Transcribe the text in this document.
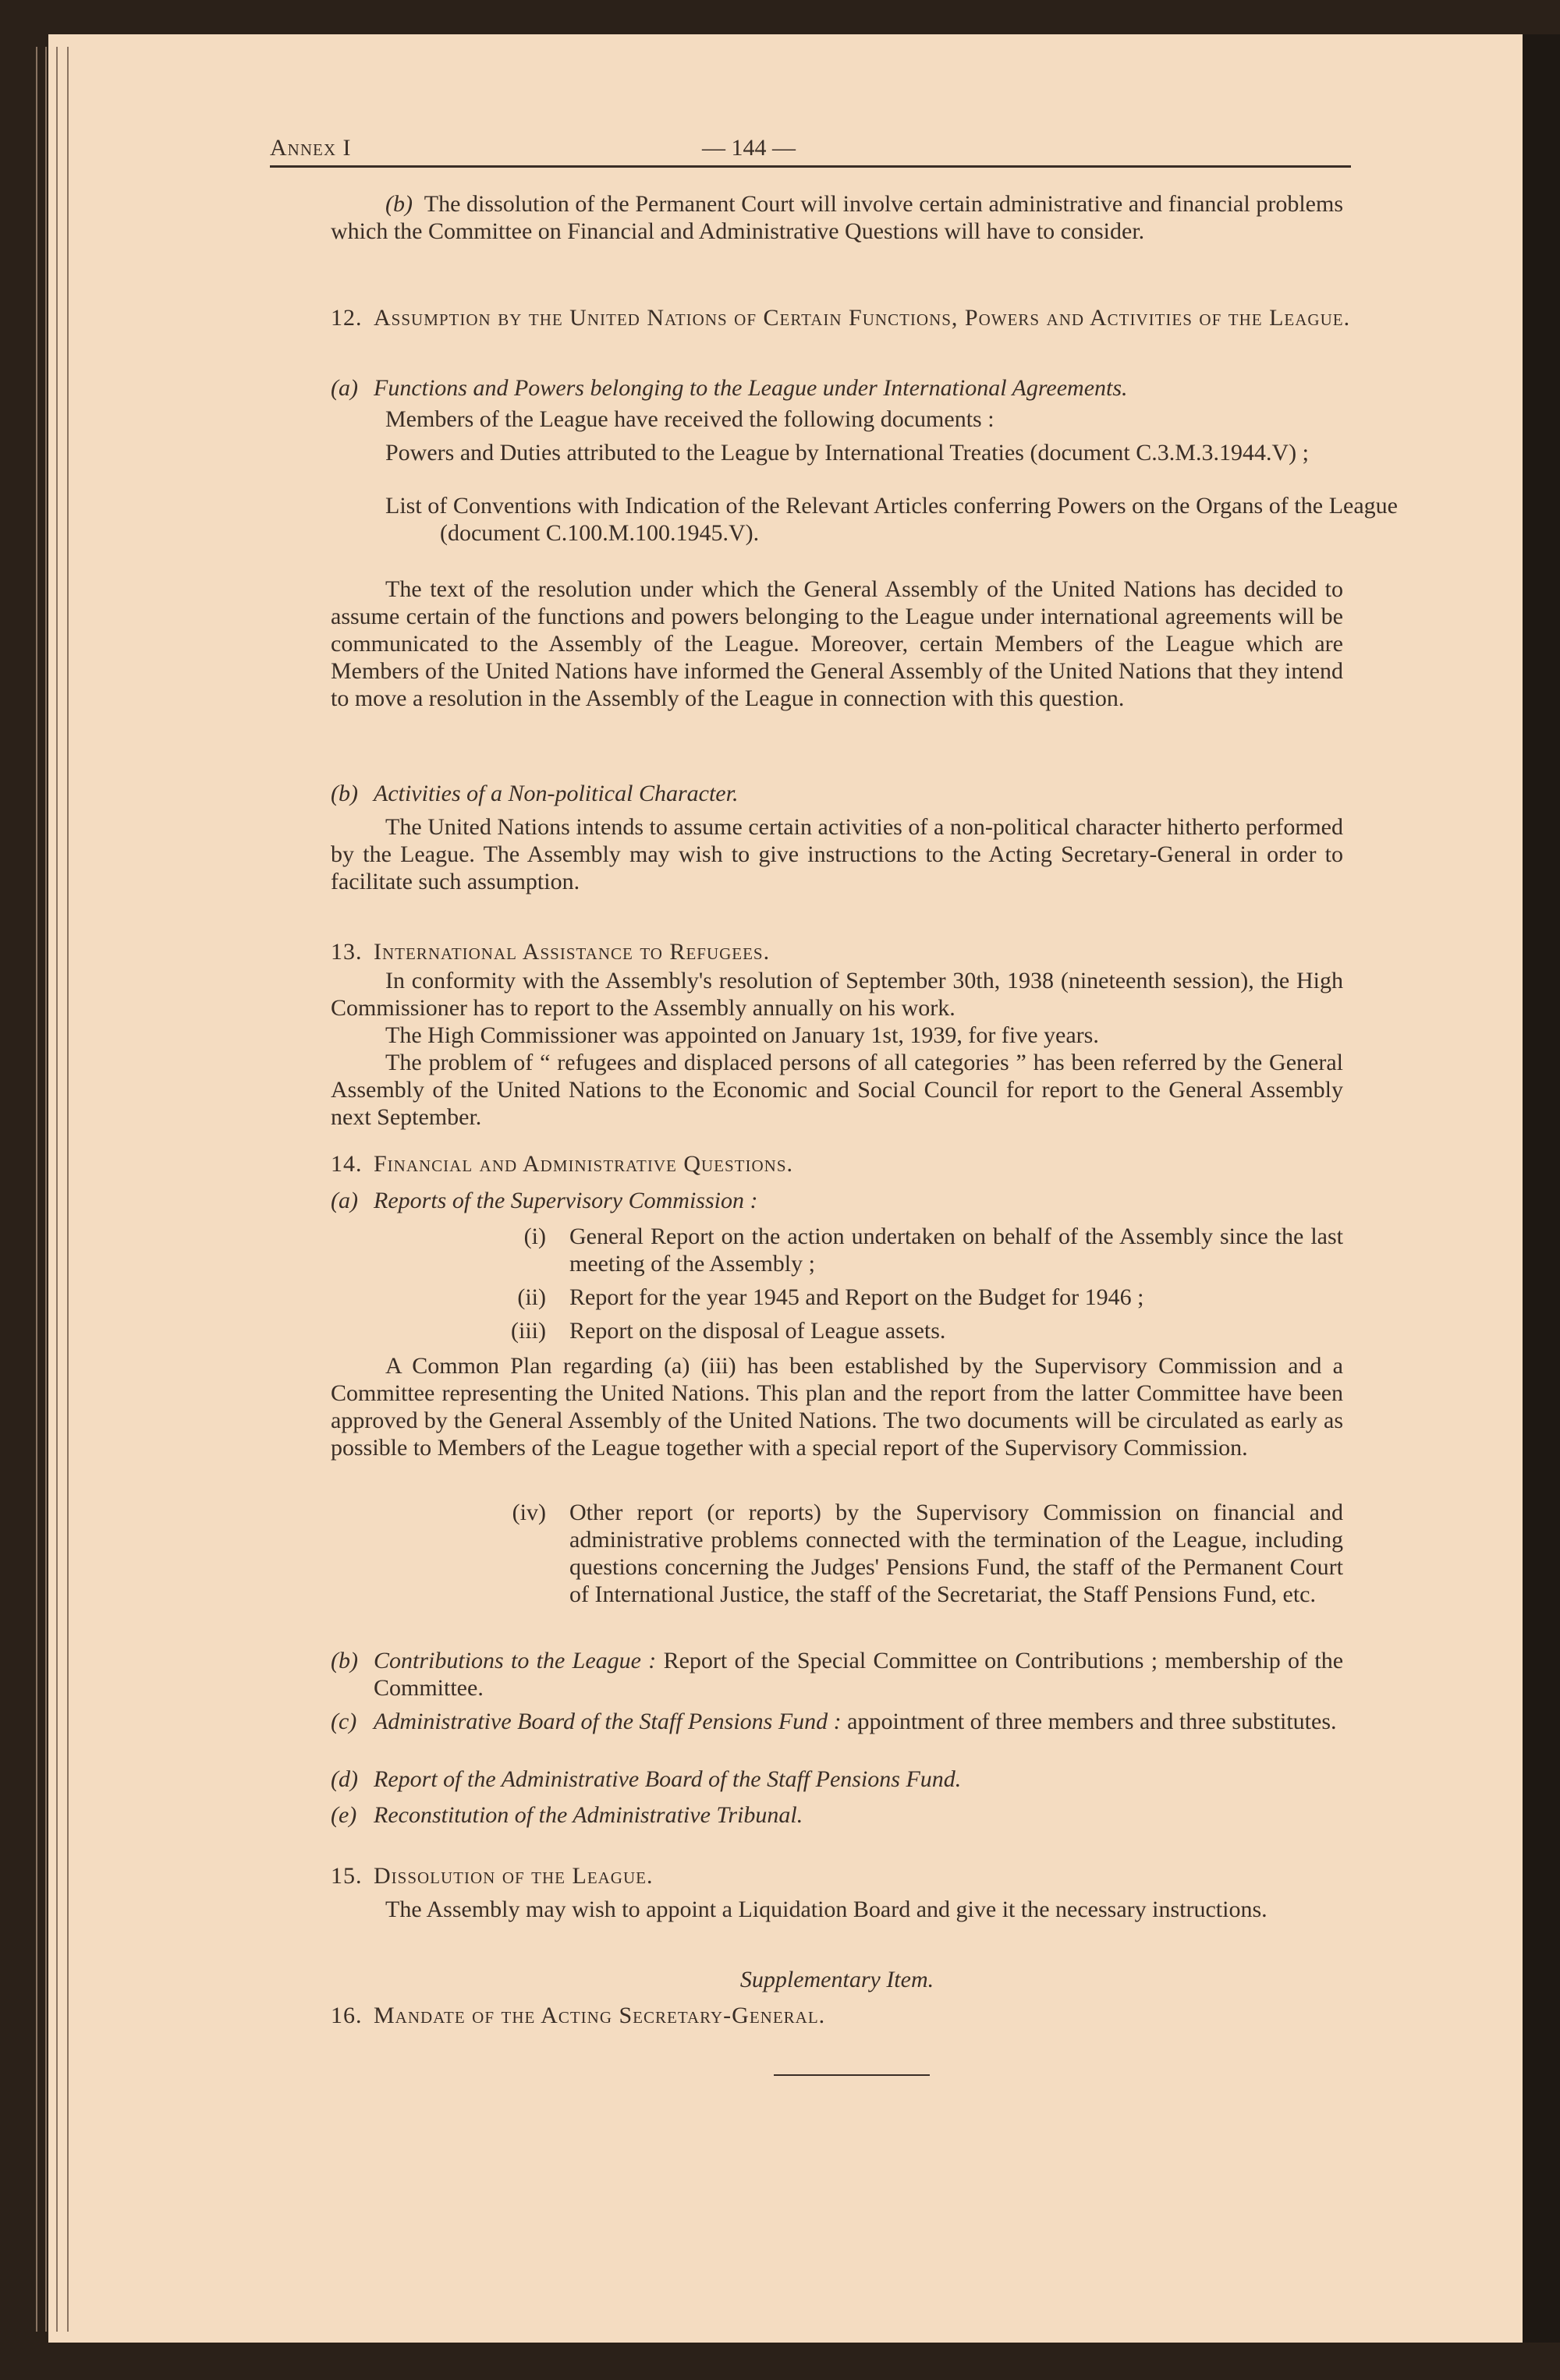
Annex I	— 144 —
(b) The dissolution of the Permanent Court will involve certain administrative and financial problems which the Committee on Financial and Administrative Questions will have to consider.
12. Assumption by the United Nations of Certain Functions, Powers and Activities of the League.
(a) Functions and Powers belonging to the League under International Agreements.
Members of the League have received the following documents :
Powers and Duties attributed to the League by International Treaties (document C.3.M.3.1944.V) ;
List of Conventions with Indication of the Relevant Articles conferring Powers on the Organs of the League (document C.100.M.100.1945.V).
The text of the resolution under which the General Assembly of the United Nations has decided to assume certain of the functions and powers belonging to the League under international agreements will be communicated to the Assembly of the League. Moreover, certain Members of the League which are Members of the United Nations have informed the General Assembly of the United Nations that they intend to move a resolution in the Assembly of the League in connection with this question.
(b) Activities of a Non-political Character.
The United Nations intends to assume certain activities of a non-political character hitherto performed by the League. The Assembly may wish to give instructions to the Acting Secretary-General in order to facilitate such assumption.
13. International Assistance to Refugees.
In conformity with the Assembly's resolution of September 30th, 1938 (nineteenth session), the High Commissioner has to report to the Assembly annually on his work.
The High Commissioner was appointed on January 1st, 1939, for five years.
The problem of “ refugees and displaced persons of all categories ” has been referred by the General Assembly of the United Nations to the Economic and Social Council for report to the General Assembly next September.
14. Financial and Administrative Questions.
(a) Reports of the Supervisory Commission :
(i)	General Report on the action undertaken on behalf of the Assembly since the last meeting of the Assembly ;
(ii)	Report for the year 1945 and Report on the Budget for 1946 ;
(iii)	Report on the disposal of League assets.
A Common Plan regarding (a) (iii) has been established by the Supervisory Commission and a Committee representing the United Nations. This plan and the report from the latter Committee have been approved by the General Assembly of the United Nations. The two documents will be circulated as early as possible to Members of the League together with a special report of the Supervisory Commission.
(iv)	Other report (or reports) by the Supervisory Commission on financial and administrative problems connected with the termination of the League, including questions concerning the Judges' Pensions Fund, the staff of the Permanent Court of International Justice, the staff of the Secretariat, the Staff Pensions Fund, etc.
(b) Contributions to the League : Report of the Special Committee on Contributions ; membership of the Committee.
(c) Administrative Board of the Staff Pensions Fund : appointment of three members and three substitutes.
(d) Report of the Administrative Board of the Staff Pensions Fund.
(e) Reconstitution of the Administrative Tribunal.
15. Dissolution of the League.
The Assembly may wish to appoint a Liquidation Board and give it the necessary instructions.
Supplementary Item.
16. Mandate of the Acting Secretary-General.
